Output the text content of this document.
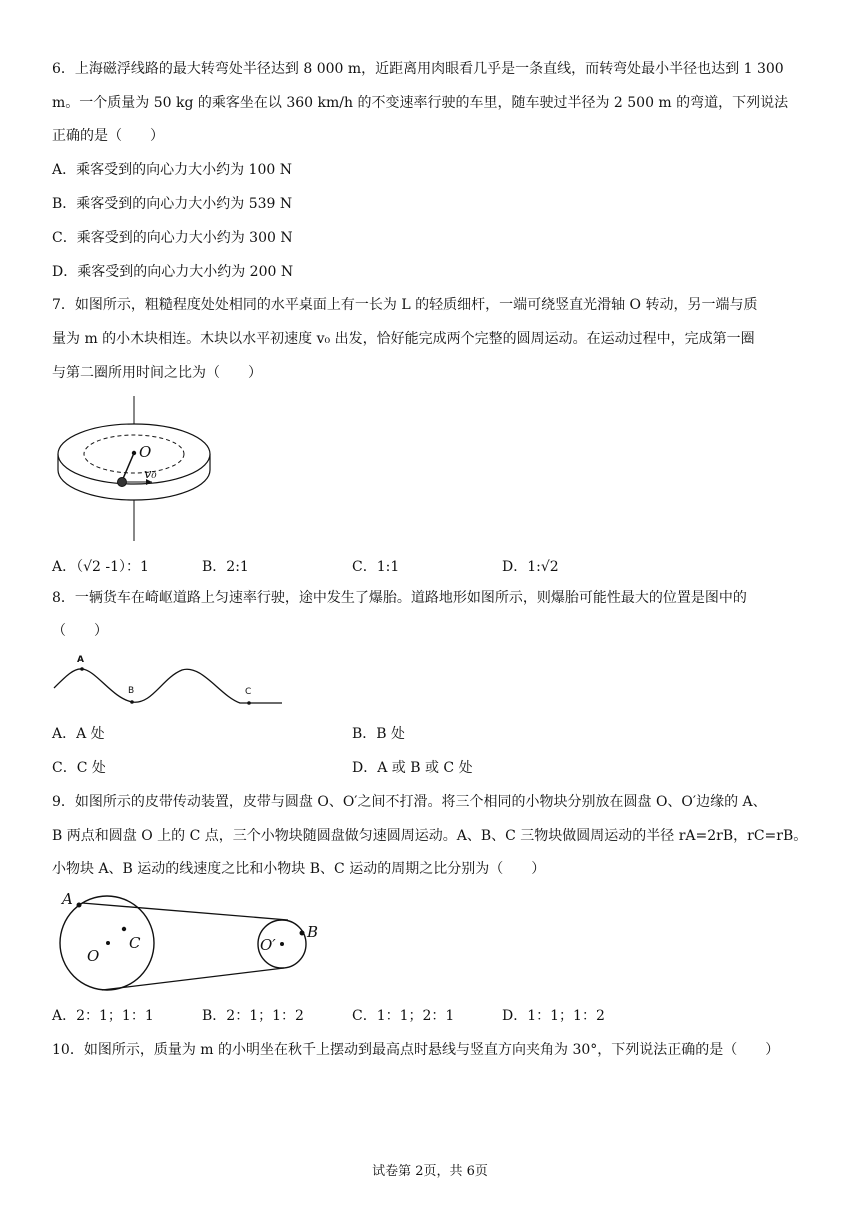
6．上海磁浮线路的最大转弯处半径达到 8 000 m，近距离用肉眼看几乎是一条直线，而转弯处最小半径也达到 1 300
m。一个质量为 50 kg 的乘客坐在以 360 km/h 的不变速率行驶的车里，随车驶过半径为 2 500 m 的弯道，下列说法
正确的是（　　）
A．乘客受到的向心力大小约为 100 N
B．乘客受到的向心力大小约为 539 N
C．乘客受到的向心力大小约为 300 N
D．乘客受到的向心力大小约为 200 N
7．如图所示，粗糙程度处处相同的水平桌面上有一长为 L 的轻质细杆，一端可绕竖直光滑轴 O 转动，另一端与质
量为 m 的小木块相连。木块以水平初速度 v₀ 出发，恰好能完成两个完整的圆周运动。在运动过程中，完成第一圈
与第二圈所用时间之比为（　　）
O
v₀
A．（√2 -1）：1	B．2:1	C．1:1	D．1:√2
8．一辆货车在崎岖道路上匀速率行驶，途中发生了爆胎。道路地形如图所示，则爆胎可能性最大的位置是图中的
（　　）
A
B	C
A．A 处	B．B 处
C．C 处	D．A 或 B 或 C 处
9．如图所示的皮带传动装置，皮带与圆盘 O、O′之间不打滑。将三个相同的小物块分别放在圆盘 O、O′边缘的 A、
B 两点和圆盘 O 上的 C 点，三个小物块随圆盘做匀速圆周运动。A、B、C 三物块做圆周运动的半径 rA=2rB，rC=rB。
小物块 A、B 运动的线速度之比和小物块 B、C 运动的周期之比分别为（　　）
A
C
O
O′
B
A．2：1；1：1	B．2：1；1：2	C．1：1；2：1	D．1：1；1：2
10．如图所示，质量为 m 的小明坐在秋千上摆动到最高点时悬线与竖直方向夹角为 30°，下列说法正确的是（　　）
试卷第 2页，共 6页
